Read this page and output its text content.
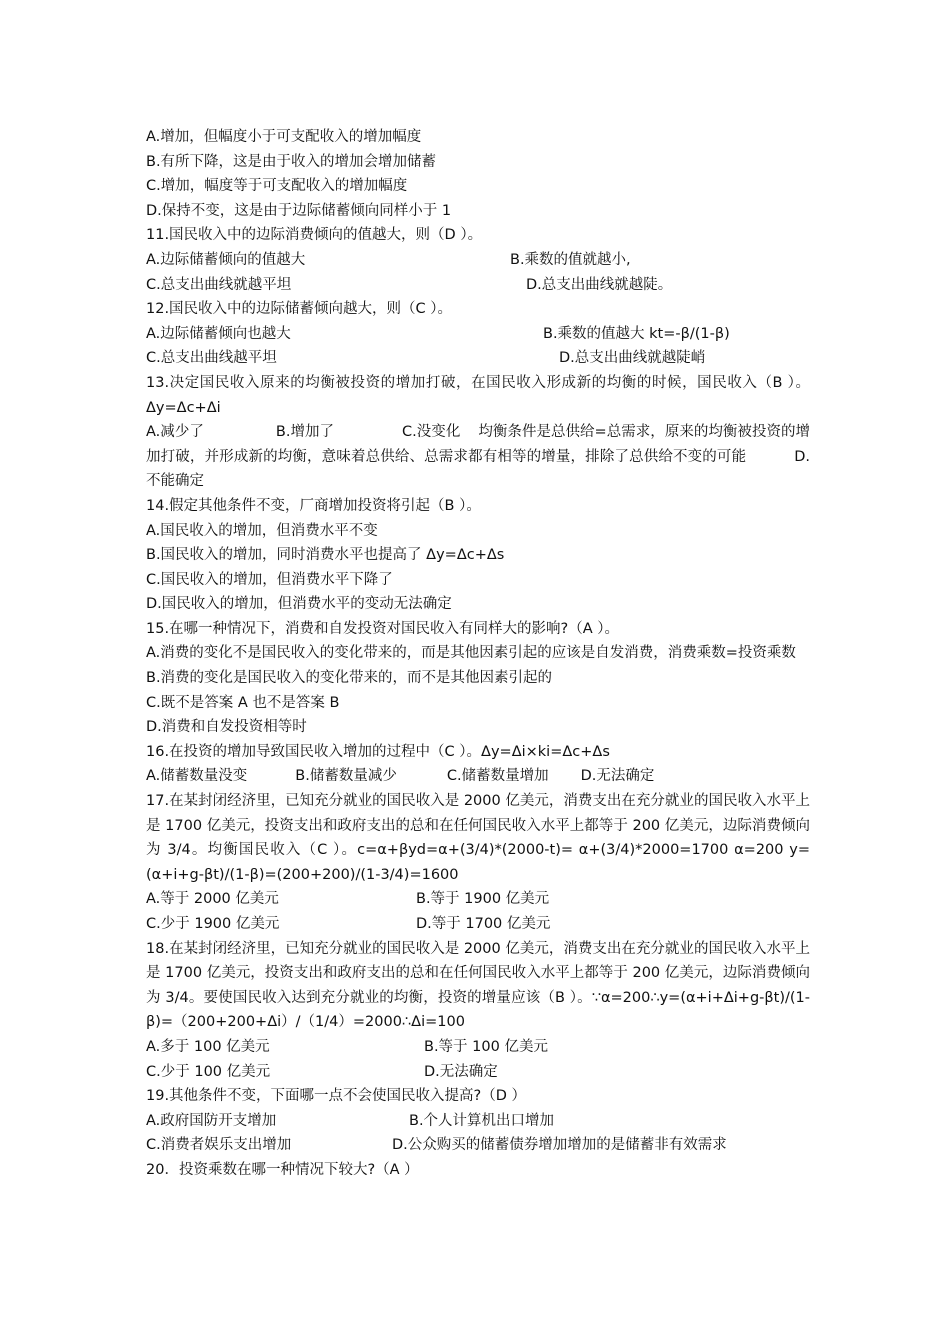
A.增加，但幅度小于可支配收入的增加幅度
B.有所下降，这是由于收入的增加会增加储蓄
C.增加，幅度等于可支配收入的增加幅度
D.保持不变，这是由于边际储蓄倾向同样小于 1
11.国民收入中的边际消费倾向的值越大，则（D ）。
A.边际储蓄倾向的值越大	B.乘数的值就越小,
C.总支出曲线就越平坦	D.总支出曲线就越陡。
12.国民收入中的边际储蓄倾向越大，则（C ）。
A.边际储蓄倾向也越大	B.乘数的值越大 kt=-β/(1-β)
C.总支出曲线越平坦	D.总支出曲线就越陡峭
13.决定国民收入原来的均衡被投资的增加打破，在国民收入形成新的均衡的时候，国民收入（B ）。Δy=Δc+Δi
A.减少了	B.增加了	C.没变化 均衡条件是总供给=总需求，原来的均衡被投资的增加打破，并形成新的均衡，意味着总供给、总需求都有相等的增量，排除了总供给不变的可能	D.不能确定
14.假定其他条件不变，厂商增加投资将引起（B ）。
A.国民收入的增加，但消费水平不变
B.国民收入的增加，同时消费水平也提高了 Δy=Δc+Δs
C.国民收入的增加，但消费水平下降了
D.国民收入的增加，但消费水平的变动无法确定
15.在哪一种情况下，消费和自发投资对国民收入有同样大的影响?（A ）。
A.消费的变化不是国民收入的变化带来的，而是其他因素引起的应该是自发消费，消费乘数=投资乘数
B.消费的变化是国民收入的变化带来的，而不是其他因素引起的
C.既不是答案 A 也不是答案 B
D.消费和自发投资相等时
16.在投资的增加导致国民收入增加的过程中（C ）。Δy=Δi×ki=Δc+Δs
A.储蓄数量没变	B.储蓄数量减少	C.储蓄数量增加 D.无法确定
17.在某封闭经济里，已知充分就业的国民收入是 2000 亿美元，消费支出在充分就业的国民收入水平上是 1700 亿美元，投资支出和政府支出的总和在任何国民收入水平上都等于 200 亿美元，边际消费倾向为 3/4。均衡国民收入（C ）。c=α+βyd=α+(3/4)*(2000-t)= α+(3/4)*2000=1700 α=200 y=(α+i+g-βt)/(1-β)=(200+200)/(1-3/4)=1600
A.等于 2000 亿美元	B.等于 1900 亿美元
C.少于 1900 亿美元	D.等于 1700 亿美元
18.在某封闭经济里，已知充分就业的国民收入是 2000 亿美元，消费支出在充分就业的国民收入水平上是 1700 亿美元，投资支出和政府支出的总和在任何国民收入水平上都等于 200 亿美元，边际消费倾向为 3/4。要使国民收入达到充分就业的均衡，投资的增量应该（B ）。∵α=200∴y=(α+i+Δi+g-βt)/(1-β)=（200+200+Δi）/（1/4）=2000∴Δi=100
A.多于 100 亿美元	B.等于 100 亿美元
C.少于 100 亿美元	D.无法确定
19.其他条件不变，下面哪一点不会使国民收入提高?（D ）
A.政府国防开支增加	B.个人计算机出口增加
C.消费者娱乐支出增加	D.公众购买的储蓄债券增加增加的是储蓄非有效需求
20．投资乘数在哪一种情况下较大?（A ）
